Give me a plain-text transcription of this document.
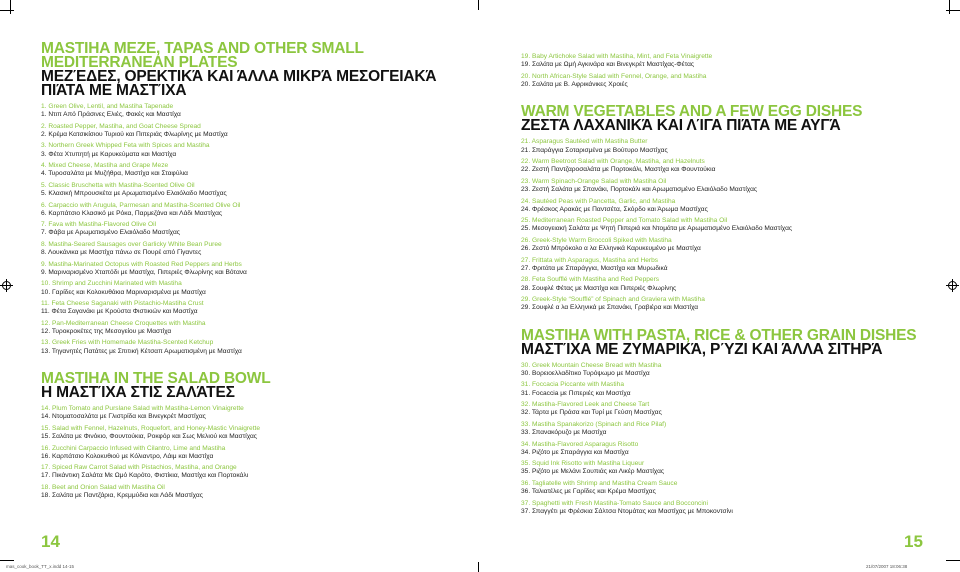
MASTIHA MEZE, TAPAS AND OTHER SMALL MEDITERRANEAN PLATES
ΜΕΖΈΔΕΣ, ΟΡΕΚΤΙΚΆ ΚΑΙ ΆΛΛΑ ΜΙΚΡΆ ΜΕΣΟΓΕΙΑΚΆ ΠΙΆΤΑ ΜΕ ΜΑΣΤΊΧΑ
1. Green Olive, Lentil, and Mastiha Tapenade
1. Ντιπ Από Πράσινες Ελιές, Φακές και Μαστίχα
2. Roasted Pepper, Mastiha, and Goat Cheese Spread
2. Κρέμα Κατσικίσιου Τυριού και Πιπεριάς Φλωρίνης με Μαστίχα
3. Northern Greek Whipped Feta with Spices and Mastiha
3. Φέτα Χτυπητή με Καρυκεύματα και Μαστίχα
4. Mixed Cheese, Mastiha and Grape Meze
4. Τυροσαλάτα με Μυζήθρα, Μαστίχα και Σταφύλια
5. Classic Bruschetta with Mastiha-Scented Olive Oil
5. Κλασική Μπρουσκέτα με Αρωματισμένο Ελαιόλαδο Μαστίχας
6. Carpaccio with Arugula, Parmesan and Mastiha-Scented Olive Oil
6. Καρπάτσιο Κλασικό με Ρόκα, Παρμεζάνα και Λάδι Μαστίχας
7. Fava with Mastiha-Flavored Olive Oil
7. Φάβα με Αρωματισμένο Ελαιόλαδο Μαστίχας
8. Mastiha-Seared Sausages over Garlicky White Bean Puree
8. Λουκάνικα με Μαστίχα πάνω σε Πουρέ από Γίγαντες
9. Mastiha-Marinated Octopus with Roasted Red Peppers and Herbs
9. Μαριναρισμένο Χταπόδι με Μαστίχα, Πιπεριές Φλωρίνης και Βότανα
10. Shrimp and Zucchini Marinated with Mastiha
10. Γαρίδες και Κολοκυθάκια Μαριναρισμένα με Μαστίχα
11. Feta Cheese Saganaki with Pistachio-Mastiha Crust
11. Φέτα Σαγανάκι με Κρούστα Φιστικιών και Μαστίχα
12. Pan-Mediterranean Cheese Croquettes with Mastiha
12. Τυροκροκέτες της Μεσογείου με Μαστίχα
13. Greek Fries with Homemade Mastiha-Scented Ketchup
13. Τηγανητές Πατάτες με Σπιτική Κέτσαπ Αρωματισμένη με Μαστίχα
MASTIHA IN THE SALAD BOWL
Η ΜΑΣΤΊΧΑ ΣΤΙΣ ΣΑΛΆΤΕΣ
14. Plum Tomato and Purslane Salad with Mastiha-Lemon Vinaigrette
14. Ντοματοσαλάτα με Γλιστρίδα και Βινεγκρέτ Μαστίχας
15. Salad with Fennel, Hazelnuts, Roquefort, and Honey-Mastic Vinaigrette
15. Σαλάτα με Φινόκιο, Φουντούκια, Ροκφόρ και Σως Μελιού και Μαστίχας
16. Zucchini Carpaccio Infused with Cilantro, Lime and Mastiha
16. Καρπάτσιο Κολοκυθιού με Κόλιαντρο, Λάιμ και Μαστίχα
17. Spiced Raw Carrot Salad with Pistachios, Mastiha, and Orange
17. Πικάντικη Σαλάτα Με Ωμό Καρότο, Φιστίκια, Μαστίχα και Πορτοκάλι
18. Beet and Onion Salad with Mastiha Oil
18. Σαλάτα με Παντζάρια, Κρεμμύδια και Λάδι Μαστίχας
14
19. Baby Artichoke Salad with Mastiha, Mint, and Feta Vinaigrette
19. Σαλάτα με Ωμή Αγκινάρα και Βινεγκρέτ Μαστίχας-Φέτας
20. North African-Style Salad with Fennel, Orange, and Mastiha
20. Σαλάτα με Β. Αφρικάνικες Χροιές
WARM VEGETABLES AND A FEW EGG DISHES
ΖΕΣΤΆ ΛΑΧΑΝΙΚΆ ΚΑΙ ΛΊΓΑ ΠΙΆΤΑ ΜΕ ΑΥΓΆ
21. Asparagus Sautéed with Mastiha Butter
21. Σπαράγγια Σοταρισμένα με Βούτυρο Μαστίχας
22. Warm Beetroot Salad with Orange, Mastiha, and Hazelnuts
22. Ζεστή Παντζαροσαλάτα με Πορτοκάλι, Μαστίχα και Φουντούκια
23. Warm Spinach-Orange Salad with Mastiha Oil
23. Ζεστή Σαλάτα με Σπανάκι, Πορτοκάλι και Αρωματισμένο Ελαιόλαδο Μαστίχας
24. Sautéed Peas with Pancetta, Garlic, and Mastiha
24. Φρέσκος Αρακάς με Παντσέτα, Σκόρδο και Άρωμα Μαστίχας
25. Mediterranean Roasted Pepper and Tomato Salad with Mastiha Oil
25. Μεσογειακή Σαλάτα με Ψητή Πιπεριά και Ντομάτα με Αρωματισμένο Ελαιόλαδο Μαστίχας
26. Greek-Style Warm Broccoli Spiked with Mastiha
26. Ζεστό Μπρόκολο α λα Ελληνικά Καρυκευμένο με Μαστίχα
27. Frittata with Asparagus, Mastiha and Herbs
27. Φριτάτα με Σπαράγγια, Μαστίχα και Μυρωδικά
28. Feta Soufflé with Mastiha and Red Peppers
28. Σουφλέ Φέτας με Μαστίχα και Πιπεριές Φλωρίνης
29. Greek-Style “Soufflé” of Spinach and Graviera with Mastiha
29. Σουφλέ α λα Ελληνικά με Σπανάκι, Γραβιέρα και Μαστίχα
MASTIHA WITH PASTA, RICE & OTHER GRAIN DISHES
ΜΑΣΤΊΧΑ ΜΕ ΖΥΜΑΡΙΚΆ, ΡΎΖΙ ΚΑΙ ΆΛΛΑ ΣΙΤΗΡΆ
30. Greek Mountain Cheese Bread with Mastiha
30. Βορειοελλαδίτικο Τυρόψωμο με Μαστίχα
31. Foccacia Piccante with Mastiha
31. Focaccia με Πιπεριές και Μαστίχα
32. Mastiha-Flavored Leek and Cheese Tart
32. Τάρτα με Πράσα και Τυρί με Γεύση Μαστίχας
33. Mastiha Spanakorizo (Spinach and Rice Pilaf)
33. Σπανακόρυζο με Μαστίχα
34. Mastiha-Flavored Asparagus Risotto
34. Ριζότο με Σπαράγγια και Μαστίχα
35. Squid Ink Risotto with Mastiha Liqueur
35. Ριζότο με Μελάνι Σουπιάς και Λικέρ Μαστίχας
36. Tagliatelle with Shrimp and Mastiha Cream Sauce
36. Ταλιατέλες με Γαρίδες και Κρέμα Μαστίχας
37. Spaghetti with Fresh Mastiha-Tomato Sauce and Bocconcini
37. Σπαγγέτι με Φρέσκια Σάλτσα Ντομάτας και Μαστίχας με Μποκοντσίνι
15
mas_cook_book_TT_x.indd 14-15	21/07/2007 18:06:38
